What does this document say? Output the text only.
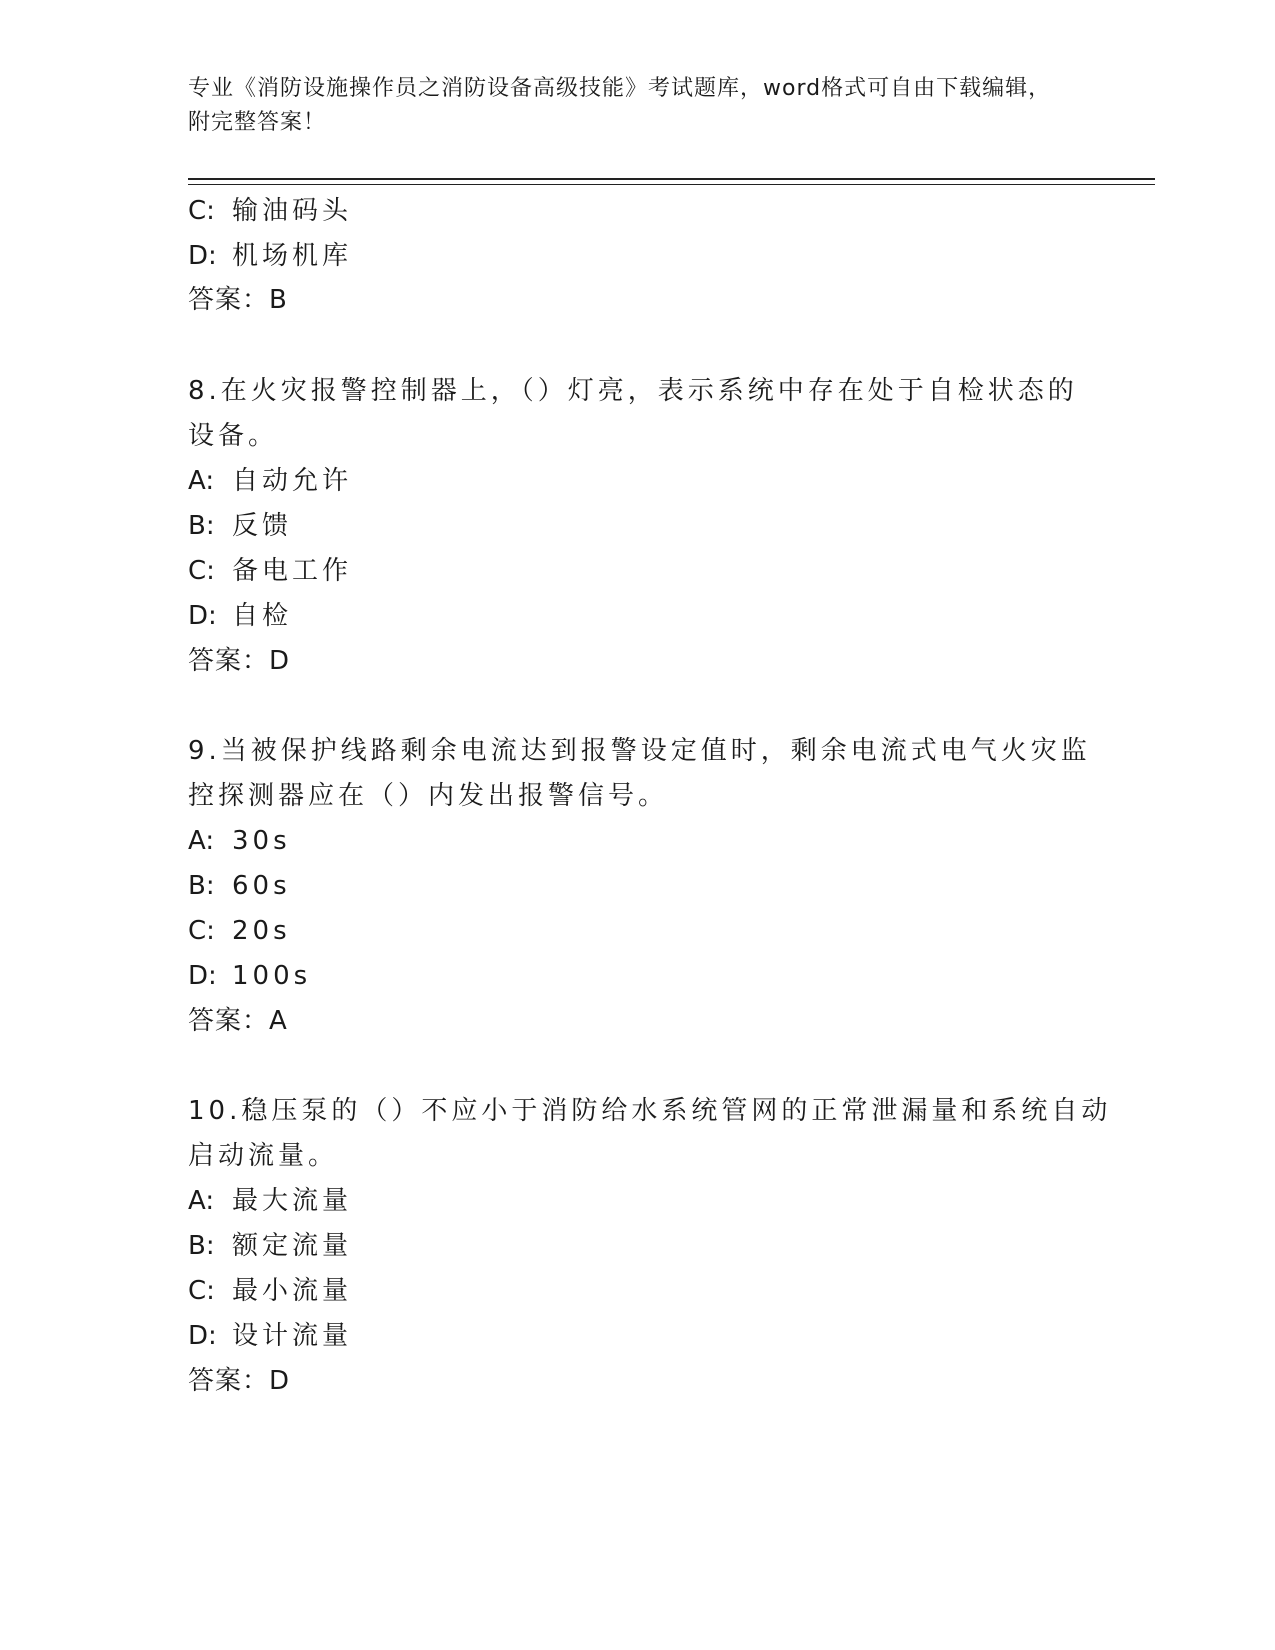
专业《消防设施操作员之消防设备高级技能》考试题库，word格式可自由下载编辑，附完整答案！
C: 输油码头
D: 机场机库
答案：B
8.在火灾报警控制器上，（）灯亮，表示系统中存在处于自检状态的
设备。
A: 自动允许
B: 反馈
C: 备电工作
D: 自检
答案：D
9.当被保护线路剩余电流达到报警设定值时，剩余电流式电气火灾监
控探测器应在（）内发出报警信号。
A: 30s
B: 60s
C: 20s
D: 100s
答案：A
10.稳压泵的（）不应小于消防给水系统管网的正常泄漏量和系统自动
启动流量。
A: 最大流量
B: 额定流量
C: 最小流量
D: 设计流量
答案：D
